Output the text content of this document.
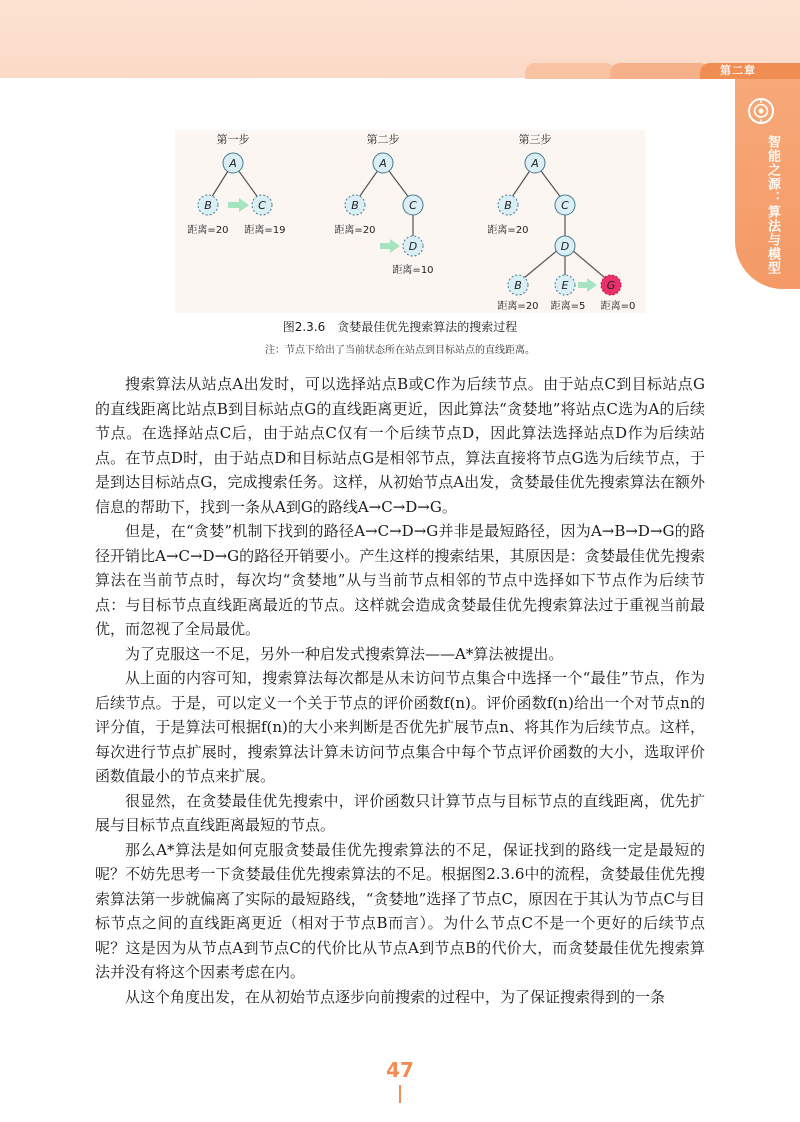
第二章
智能之源：算法与模型
第一步	第二步	第三步
A
B	C
距离=20 距离=19
A
B	C
D
距离=20
距离=10
A
B	C
D
B	E	G
距离=20
距离=20 距离=5 距离=0
图2.3.6　贪婪最佳优先搜索算法的搜索过程
注：节点下给出了当前状态所在站点到目标站点的直线距离。

搜索算法从站点A出发时，可以选择站点B或C作为后续节点。由于站点C到目标站点G的直线距离比站点B到目标站点G的直线距离更近，因此算法“贪婪地”将站点C选为A的后续节点。在选择站点C后，由于站点C仅有一个后续节点D，因此算法选择站点D作为后续站点。在节点D时，由于站点D和目标站点G是相邻节点，算法直接将节点G选为后续节点，于是到达目标站点G，完成搜索任务。这样，从初始节点A出发，贪婪最佳优先搜索算法在额外信息的帮助下，找到一条从A到G的路线A→C→D→G。

但是，在“贪婪”机制下找到的路径A→C→D→G并非是最短路径，因为A→B→D→G的路径开销比A→C→D→G的路径开销要小。产生这样的搜索结果，其原因是：贪婪最佳优先搜索算法在当前节点时，每次均“贪婪地”从与当前节点相邻的节点中选择如下节点作为后续节点：与目标节点直线距离最近的节点。这样就会造成贪婪最佳优先搜索算法过于重视当前最优，而忽视了全局最优。

为了克服这一不足，另外一种启发式搜索算法——A*算法被提出。

从上面的内容可知，搜索算法每次都是从未访问节点集合中选择一个“最佳”节点，作为后续节点。于是，可以定义一个关于节点的评价函数f(n)。评价函数f(n)给出一个对节点n的评分值，于是算法可根据f(n)的大小来判断是否优先扩展节点n、将其作为后续节点。这样，每次进行节点扩展时，搜索算法计算未访问节点集合中每个节点评价函数的大小，选取评价函数值最小的节点来扩展。

很显然，在贪婪最佳优先搜索中，评价函数只计算节点与目标节点的直线距离，优先扩展与目标节点直线距离最短的节点。

那么A*算法是如何克服贪婪最佳优先搜索算法的不足，保证找到的路线一定是最短的呢？不妨先思考一下贪婪最佳优先搜索算法的不足。根据图2.3.6中的流程，贪婪最佳优先搜索算法第一步就偏离了实际的最短路线，“贪婪地”选择了节点C，原因在于其认为节点C与目标节点之间的直线距离更近（相对于节点B而言）。为什么节点C不是一个更好的后续节点呢？这是因为从节点A到节点C的代价比从节点A到节点B的代价大，而贪婪最佳优先搜索算法并没有将这个因素考虑在内。

从这个角度出发，在从初始节点逐步向前搜索的过程中，为了保证搜索得到的一条

47
